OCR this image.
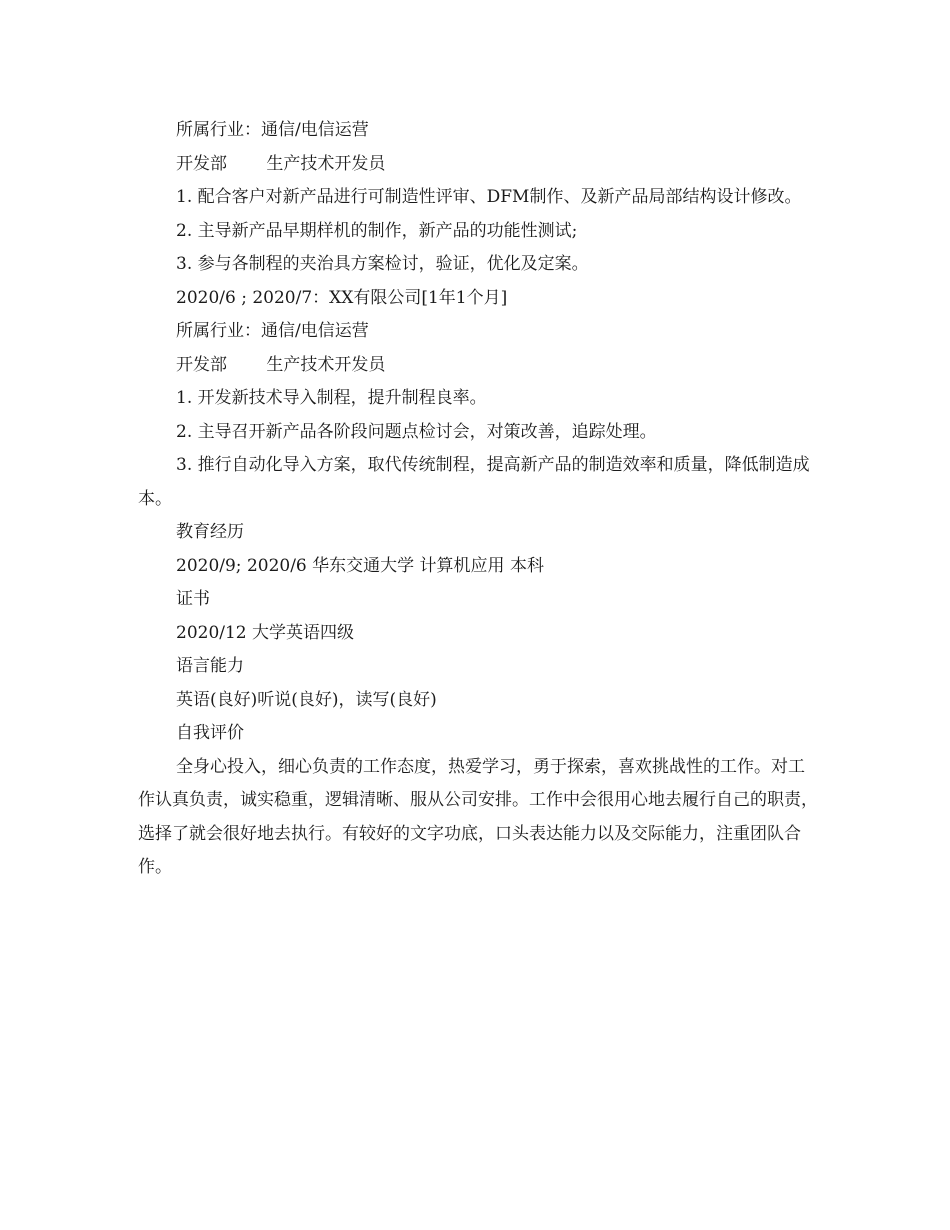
所属行业：通信/电信运营

开发部　　 生产技术开发员

1. 配合客户对新产品进行可制造性评审、DFM制作、及新产品局部结构设计修改。

2. 主导新产品早期样机的制作，新产品的功能性测试;

3. 参与各制程的夹治具方案检讨，验证，优化及定案。

2020/6 ; 2020/7：XX有限公司[1年1个月]

所属行业：通信/电信运营

开发部　　 生产技术开发员

1. 开发新技术导入制程，提升制程良率。

2. 主导召开新产品各阶段问题点检讨会，对策改善，追踪处理。

3. 推行自动化导入方案，取代传统制程，提高新产品的制造效率和质量，降低制造成本。

教育经历

2020/9; 2020/6 华东交通大学 计算机应用 本科

证书

2020/12 大学英语四级

语言能力

英语(良好)听说(良好)，读写(良好)

自我评价

全身心投入，细心负责的工作态度，热爱学习，勇于探索，喜欢挑战性的工作。对工作认真负责，诚实稳重，逻辑清晰、服从公司安排。工作中会很用心地去履行自己的职责，选择了就会很好地去执行。有较好的文字功底，口头表达能力以及交际能力，注重团队合作。
